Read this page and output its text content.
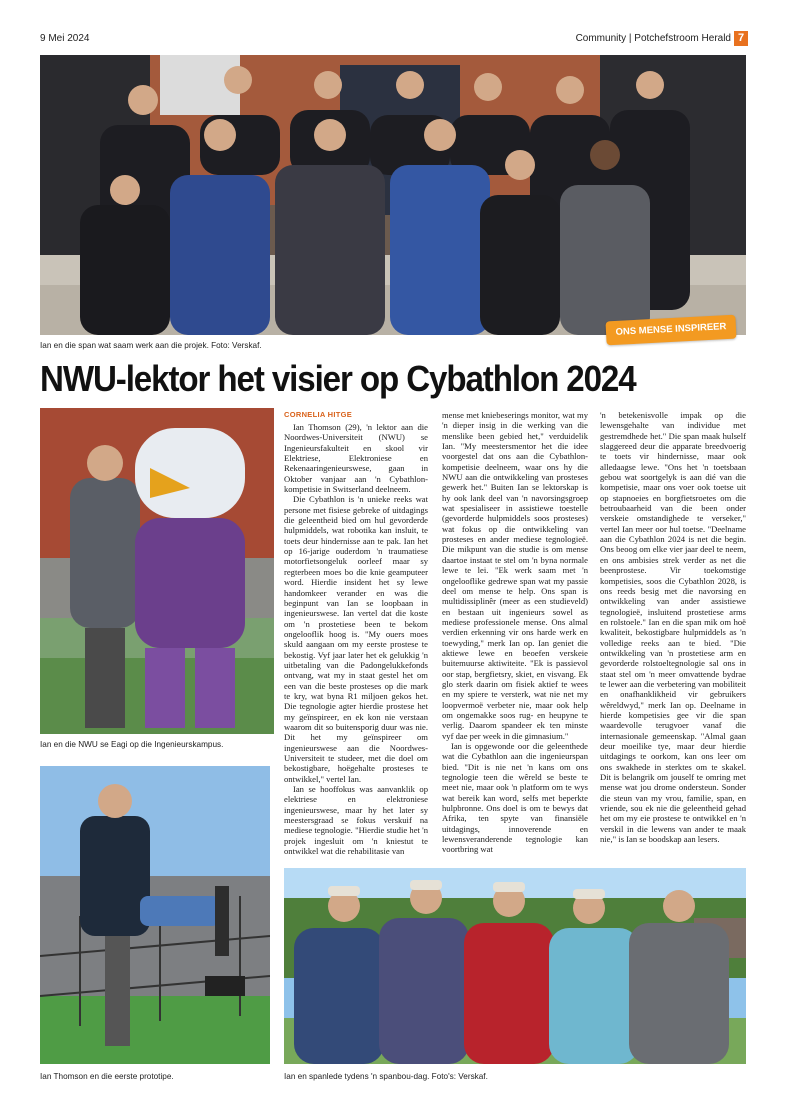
9 Mei 2024	Community | Potchefstroom Herald 7
ONS MENSE INSPIREER
Ian en die span wat saam werk aan die projek. Foto: Verskaf.
NWU-lektor het visier op Cybathlon 2024
Ian en die NWU se Eagi op die Ingenieurskampus.
Ian Thomson en die eerste prototipe.
CORNELIA HITGE

Ian Thomson (29), 'n lektor aan die Noordwes-Universiteit (NWU) se Ingenieursfakulteit en skool vir Elektriese, Elektroniese en Rekenaaringenieurswese, gaan in Oktober vanjaar aan 'n Cybathlon-kompetisie in Switserland deelneem.

Die Cybathlon is 'n unieke reeks wat persone met fisiese gebreke of uitdagings die geleentheid bied om hul gevorderde hulpmiddels, wat robotika kan insluit, te toets deur hindernisse aan te pak. Ian het op 16-jarige ouderdom 'n traumatiese motorfietsongeluk oorleef maar sy regterbeen moes bo die knie geamputeer word. Hierdie insident het sy lewe handomkeer verander en was die beginpunt van Ian se loopbaan in ingenieurswese. Ian vertel dat die koste om 'n prostetiese been te bekom ongelooflik hoog is. "My ouers moes skuld aangaan om my eerste prostese te bekostig. Vyf jaar later het ek gelukkig 'n uitbetaling van die Padongelukkefonds ontvang, wat my in staat gestel het om een van die beste prosteses op die mark te kry, wat byna R1 miljoen gekos het. Die tegnologie agter hierdie prostese het my geïnspireer, en ek kon nie verstaan waarom dit so buitensporig duur was nie. Dit het my geïnspireer om ingenieurswese aan die Noordwes-Universiteit te studeer, met die doel om bekostigbare, hoëgehalte prosteses te ontwikkel," vertel Ian.

Ian se hooffokus was aanvanklik op elektriese en elektroniese ingenieurswese, maar hy het later sy meestersgraad se fokus verskuif na mediese tegnologie. "Hierdie studie het 'n projek ingesluit om 'n kniestut te ontwikkel wat die rehabilitasie van

mense met kniebeserings monitor, wat my 'n dieper insig in die werking van die menslike been gebied het," verduidelik Ian. "My meestersmentor het die idee voorgestel dat ons aan die Cybathlon-kompetisie deelneem, waar ons hy die NWU aan die ontwikkeling van prosteses gewerk het." Buiten Ian se lektorskap is hy ook lank deel van 'n navorsingsgroep wat spesialiseer in assistiewe toestelle (gevorderde hulpmiddels soos prosteses) wat fokus op die ontwikkeling van prosteses en ander mediese tegnologieë. Die mikpunt van die studie is om mense daartoe instaat te stel om 'n byna normale lewe te lei. "Ek werk saam met 'n ongelooflike gedrewe span wat my passie deel om mense te help. Ons span is multidissiplinêr (meer as een studieveld) en bestaan uit ingenieurs sowel as mediese professionele mense. Ons almal verdien erkenning vir ons harde werk en toewyding," merk Ian op. Ian geniet die aktiewe lewe en beoefen verskeie buitemuurse aktiwiteite. "Ek is passievol oor stap, bergfietsry, skiet, en visvang. Ek glo sterk daarin om fisiek aktief te wees en my spiere te versterk, wat nie net my loopvermoë verbeter nie, maar ook help om ongemakke soos rug- en heupyne te verlig. Daarom spandeer ek ten minste vyf dae per week in die gimnasium."

Ian is opgewonde oor die geleenthede wat die Cybathlon aan die ingenieurspan bied. "Dit is nie net 'n kans om ons tegnologie teen die wêreld se beste te meet nie, maar ook 'n platform om te wys wat bereik kan word, selfs met beperkte hulpbronne. Ons doel is om te bewys dat Afrika, ten spyte van finansiële uitdagings, innoverende en lewensveranderende tegnologie kan voortbring wat

'n betekenisvolle impak op die lewensgehalte van individue met gestremdhede het." Die span maak hulself slaggereed deur die apparate breedvoerig te toets vir hindernisse, maar ook alledaagse lewe. "Ons het 'n toetsbaan gebou wat soortgelyk is aan dié van die kompetisie, maar ons voer ook toetse uit op stapnoeies en borgfietsroetes om die betroubaarheid van die been onder verskeie omstandighede te verseker," vertel Ian meer oor hul toetse. "Deelname aan die Cybathlon 2024 is net die begin. Ons beoog om elke vier jaar deel te neem, en ons ambisies strek verder as net die beenprostese. Vir toekomstige kompetisies, soos die Cybathlon 2028, is ons reeds besig met die navorsing en ontwikkeling van ander assistiewe tegnologieë, insluitend prostetiese arms en rolstoele." Ian en die span mik om hoë kwaliteit, bekostigbare hulpmiddels as 'n volledige reeks aan te bied. "Die ontwikkeling van 'n prostetiese arm en gevorderde rolstoeltegnologie sal ons in staat stel om 'n meer omvattende bydrae te lewer aan die verbetering van mobiliteit en onafhanklikheid vir gebruikers wêreldwyd," merk Ian op. Deelname in hierde kompetisies gee vir die span waardevolle terugvoer vanaf die internasionale gemeenskap. "Almal gaan deur moeilike tye, maar deur hierdie uitdagings te oorkom, kan ons leer om ons swakhede in sterktes om te skakel. Dit is belangrik om jouself te omring met mense wat jou drome ondersteun. Sonder die steun van my vrou, familie, span, en vriende, sou ek nie die geleentheid gehad het om my eie prostese te ontwikkel en 'n verskil in die lewens van ander te maak nie," is Ian se boodskap aan lesers.

Ian en spanlede tydens 'n spanbou-dag. Foto's: Verskaf.
